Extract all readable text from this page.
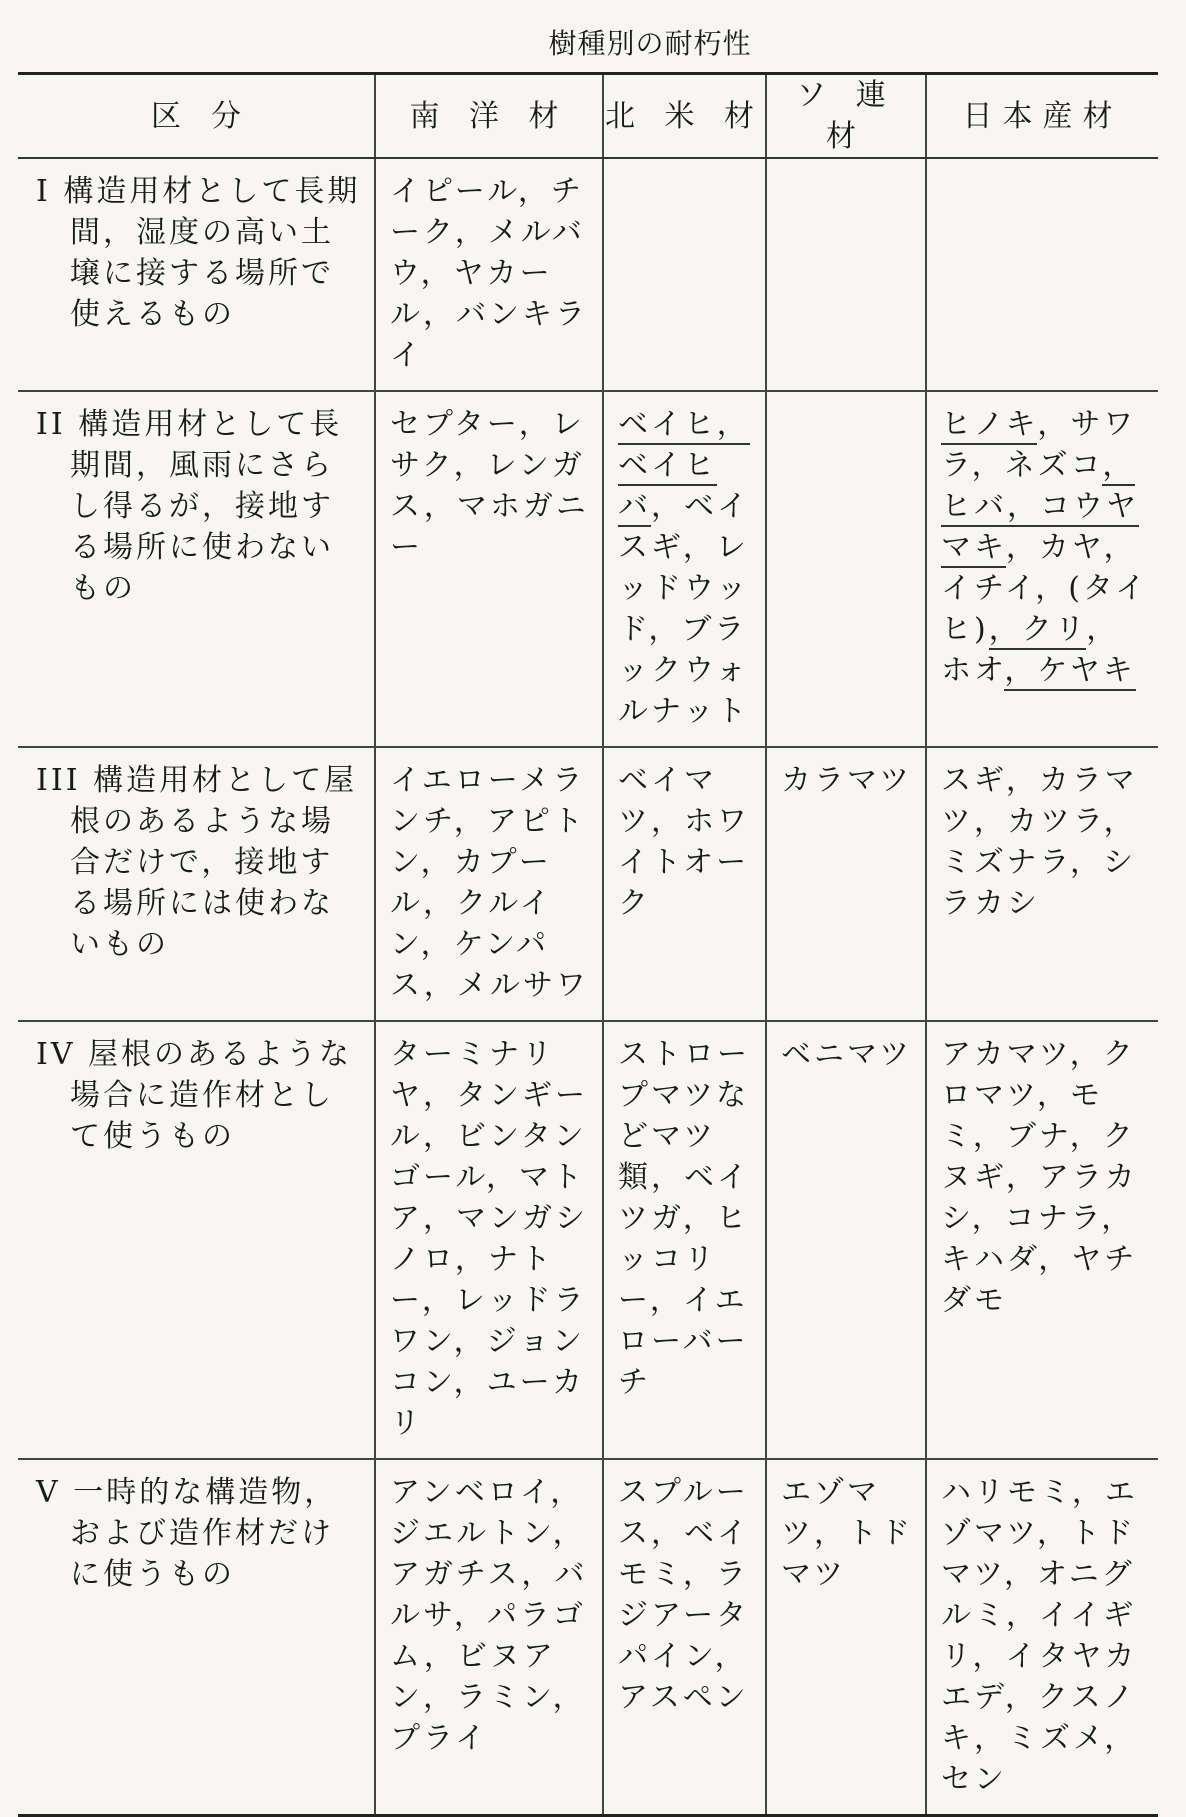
樹種別の耐朽性
区　分	南 洋 材	北 米 材	ソ 連 材	日本産材
I 構造用材として長期間，湿度の高い土壌に接する場所で使えるもの	イピール ， チーク ， メルバウ ， ヤカール ， バンキライ			
II 構造用材として長期間，風雨にさらし得るが，接地する場所に使わないもの	セプター ， レサク ， レンガス ， マホガニー	ベイヒ， ベイヒバ ， ベイスギ ， レッドウッド ， ブラックウォルナット		ヒノキ ， サワラ ， ネズコ， ヒバ ， コウヤマキ ， カヤ， イチイ ， (タイヒ) ， クリ， ホオ ， ケヤキ
III 構造用材として屋根のあるような場合だけで，接地する場所には使わないもの	イエローメランチ ， アピトン ， カプール ， クルイン ， ケンパス ， メルサワ	ベイマツ ， ホワイトオーク	カラマツ	スギ ， カラマツ ， カツラ， ミズナラ ， シラカシ
IV 屋根のあるような場合に造作材として使うもの	ターミナリヤ ， タンギール ， ビンタンゴール ， マトア ， マンガシノロ ， ナトー ， レッドラワン ， ジョンコン ， ユーカリ	ストロープマツなどマツ類 ， ベイツガ ， ヒッコリー ， イエローバーチ	ベニマツ	アカマツ ， クロマツ ， モミ ， ブナ ， クヌギ ， アラカシ ， コナラ， キハダ ， ヤチダモ
V 一時的な構造物，および造作材だけに使うもの	アンベロイ， ジエルトン， アガチス ， バルサ ， パラゴム ， ビヌアン ， ラミン， プライ	スプルース ， ベイモミ ， ラジアータパイン， アスペン	エゾマツ ， トドマツ	ハリモミ ， エゾマツ ， トドマツ ， オニグルミ ， イイギリ ， イタヤカエデ ， クスノキ ， ミズメ， セン
